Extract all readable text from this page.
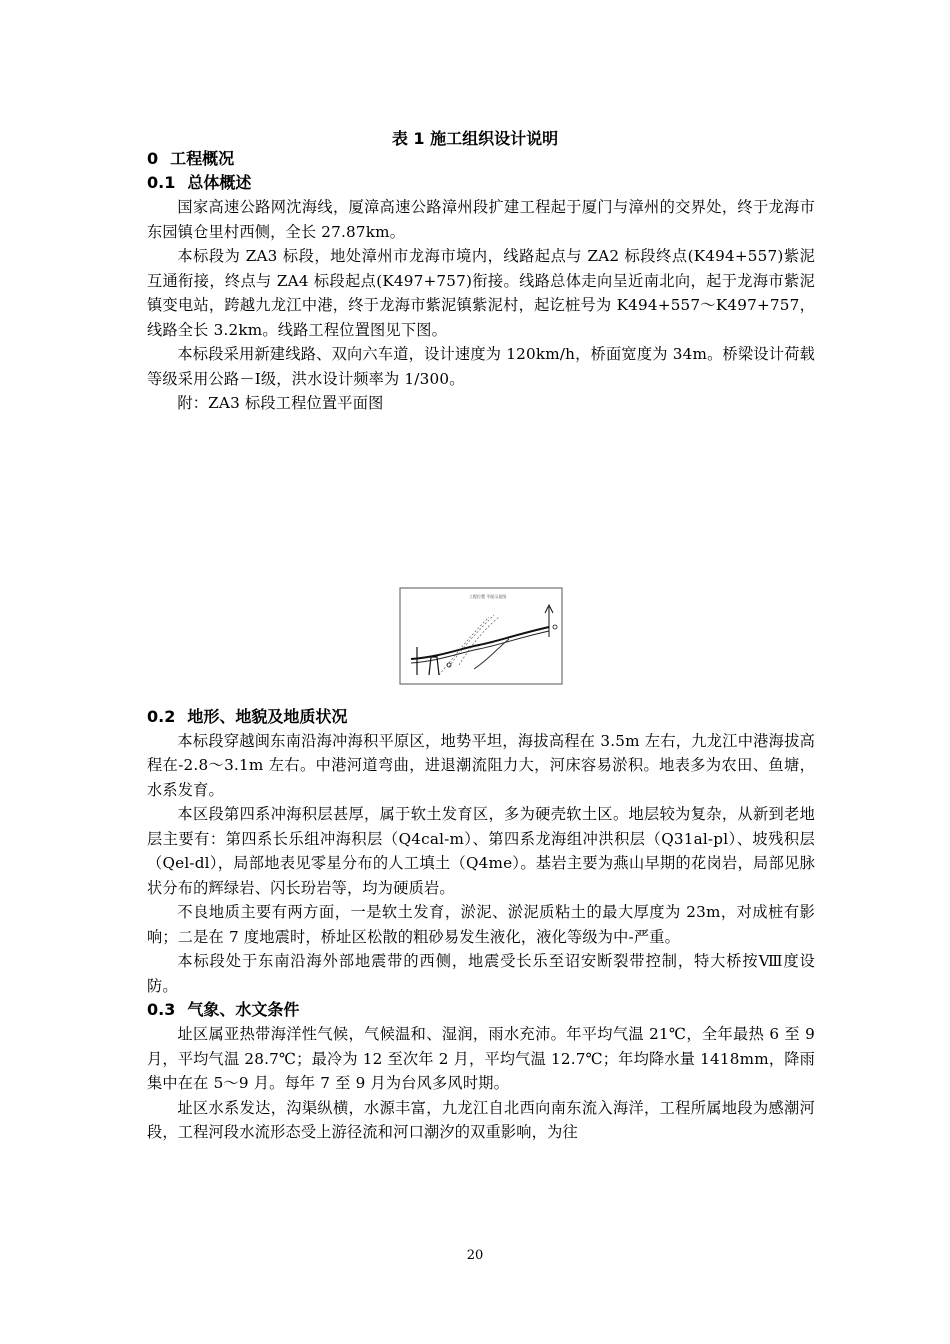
表 1 施工组织设计说明
0 工程概况
0.1 总体概述

国家高速公路网沈海线，厦漳高速公路漳州段扩建工程起于厦门与漳州的交界处，终于龙海市东园镇仓里村西侧，全长 27.87km。

本标段为 ZA3 标段，地处漳州市龙海市境内，线路起点与 ZA2 标段终点(K494+557)紫泥互通衔接，终点与 ZA4 标段起点(K497+757)衔接。线路总体走向呈近南北向，起于龙海市紫泥镇变电站，跨越九龙江中港，终于龙海市紫泥镇紫泥村，起讫桩号为 K494+557～K497+757，线路全长 3.2km。线路工程位置图见下图。

本标段采用新建线路、双向六车道，设计速度为 120km/h，桥面宽度为 34m。桥梁设计荷载等级采用公路－Ⅰ级，洪水设计频率为 1/300。

附：ZA3 标段工程位置平面图

工程位置 平面示意图
0.2 地形、地貌及地质状况

本标段穿越闽东南沿海冲海积平原区，地势平坦，海拔高程在 3.5m 左右，九龙江中港海拔高程在-2.8～3.1m 左右。中港河道弯曲，进退潮流阻力大，河床容易淤积。地表多为农田、鱼塘，水系发育。

本区段第四系冲海积层甚厚，属于软土发育区，多为硬壳软土区。地层较为复杂，从新到老地层主要有：第四系长乐组冲海积层（Q4cal-m）、第四系龙海组冲洪积层（Q31al-pl）、坡残积层（Qel-dl），局部地表见零星分布的人工填土（Q4me）。基岩主要为燕山早期的花岗岩，局部见脉状分布的辉绿岩、闪长玢岩等，均为硬质岩。

不良地质主要有两方面，一是软土发育，淤泥、淤泥质粘土的最大厚度为 23m，对成桩有影响；二是在 7 度地震时，桥址区松散的粗砂易发生液化，液化等级为中-严重。

本标段处于东南沿海外部地震带的西侧，地震受长乐至诏安断裂带控制，特大桥按Ⅷ度设防。

0.3 气象、水文条件

址区属亚热带海洋性气候，气候温和、湿润，雨水充沛。年平均气温 21℃，全年最热 6 至 9 月，平均气温 28.7℃；最冷为 12 至次年 2 月，平均气温 12.7℃；年均降水量 1418mm，降雨集中在在 5～9 月。每年 7 至 9 月为台风多风时期。

址区水系发达，沟渠纵横，水源丰富，九龙江自北西向南东流入海洋，工程所属地段为感潮河段，工程河段水流形态受上游径流和河口潮汐的双重影响，为往

20
